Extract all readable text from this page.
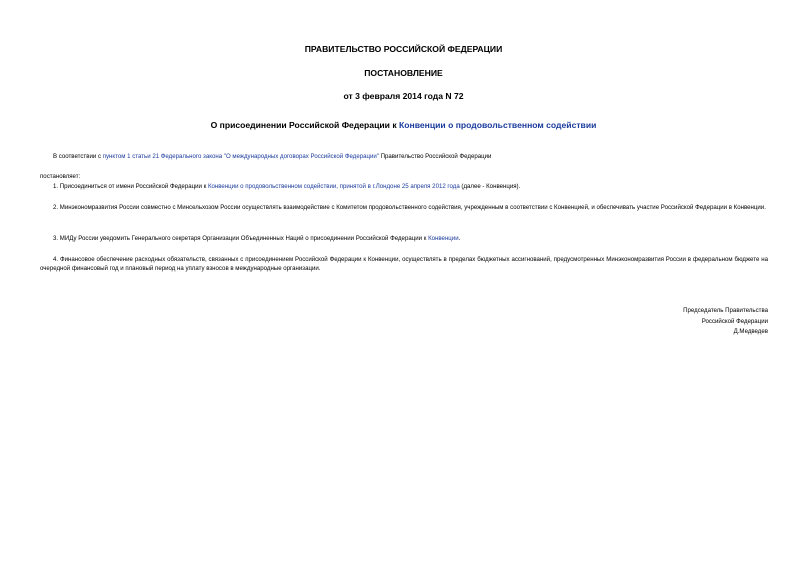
ПРАВИТЕЛЬСТВО РОССИЙСКОЙ ФЕДЕРАЦИИ
ПОСТАНОВЛЕНИЕ
от 3 февраля 2014 года N 72
О присоединении Российской Федерации к Конвенции о продовольственном содействии
В соответствии с пунктом 1 статьи 21 Федерального закона "О международных договорах Российской Федерации" Правительство Российской Федерации
постановляет:
1. Присоединиться от имени Российской Федерации к Конвенции о продовольственном содействии, принятой в г.Лондоне 25 апреля 2012 года (далее - Конвенция).
2. Минэкономразвития России совместно с Минсельхозом России осуществлять взаимодействие с Комитетом продовольственного содействия, учрежденным в соответствии с Конвенцией, и обеспечивать участие Российской Федерации в Конвенции.
3. МИДу России уведомить Генерального секретаря Организации Объединенных Наций о присоединении Российской Федерации к Конвенции.
4. Финансовое обеспечение расходных обязательств, связанных с присоединением Российской Федерации к Конвенции, осуществлять в пределах бюджетных ассигнований, предусмотренных Минэкономразвития России в федеральном бюджете на очередной финансовый год и плановый период на уплату взносов в международные организации.
Председатель Правительства
Российской Федерации
Д.Медведев
